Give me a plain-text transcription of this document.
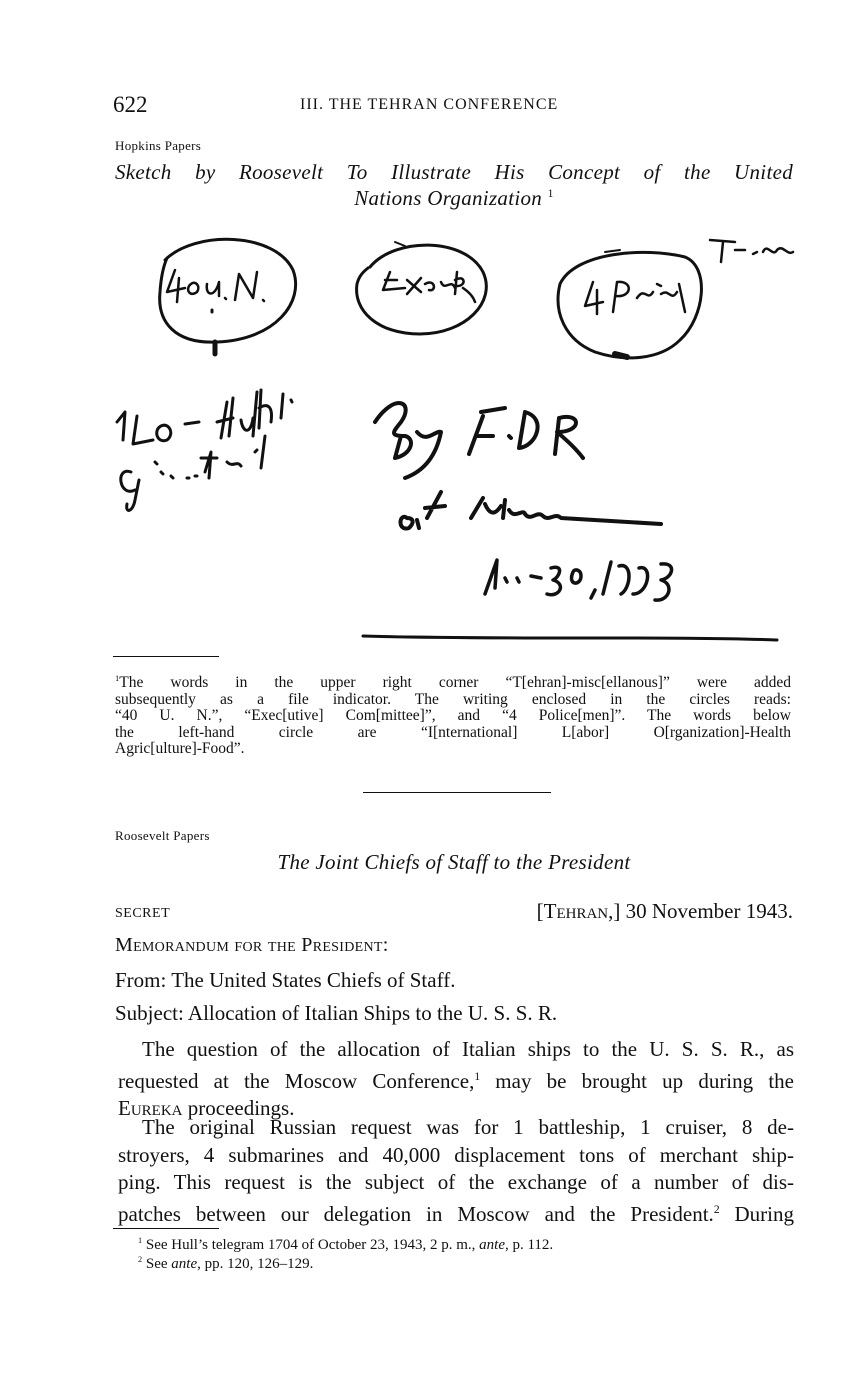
622	III. THE TEHRAN CONFERENCE
Hopkins Papers
Sketch by Roosevelt To Illustrate His Concept of the United
Nations Organization $^1$
$^1$The words in the upper right corner “T[ehran]-misc[ellanous]” were added
subsequently as a file indicator. The writing enclosed in the circles reads:
“40 U. N.”, “Exec[utive] Com[mittee]”, and “4 Police[men]”. The words below
the left-hand circle are “I[nternational] L[abor] O[rganization]-Health
Agric[ulture]-Food”.
Roosevelt Papers
The Joint Chiefs of Staff to the President
SECRET	[Tehran,] 30 November 1943.
Memorandum for the President:
From: The United States Chiefs of Staff.
Subject: Allocation of Italian Ships to the U. S. S. R.
The question of the allocation of Italian ships to the U. S. S. R., as
requested at the Moscow Conference,$^1$ may be brought up during the
Eureka proceedings.
The original Russian request was for 1 battleship, 1 cruiser, 8 de-
stroyers, 4 submarines and 40,000 displacement tons of merchant ship-
ping. This request is the subject of the exchange of a number of dis-
patches between our delegation in Moscow and the President.$^2$ During
$^1$ See Hull’s telegram 1704 of October 23, 1943, 2 p. m., ante, p. 112.
$^2$ See ante, pp. 120, 126–129.
